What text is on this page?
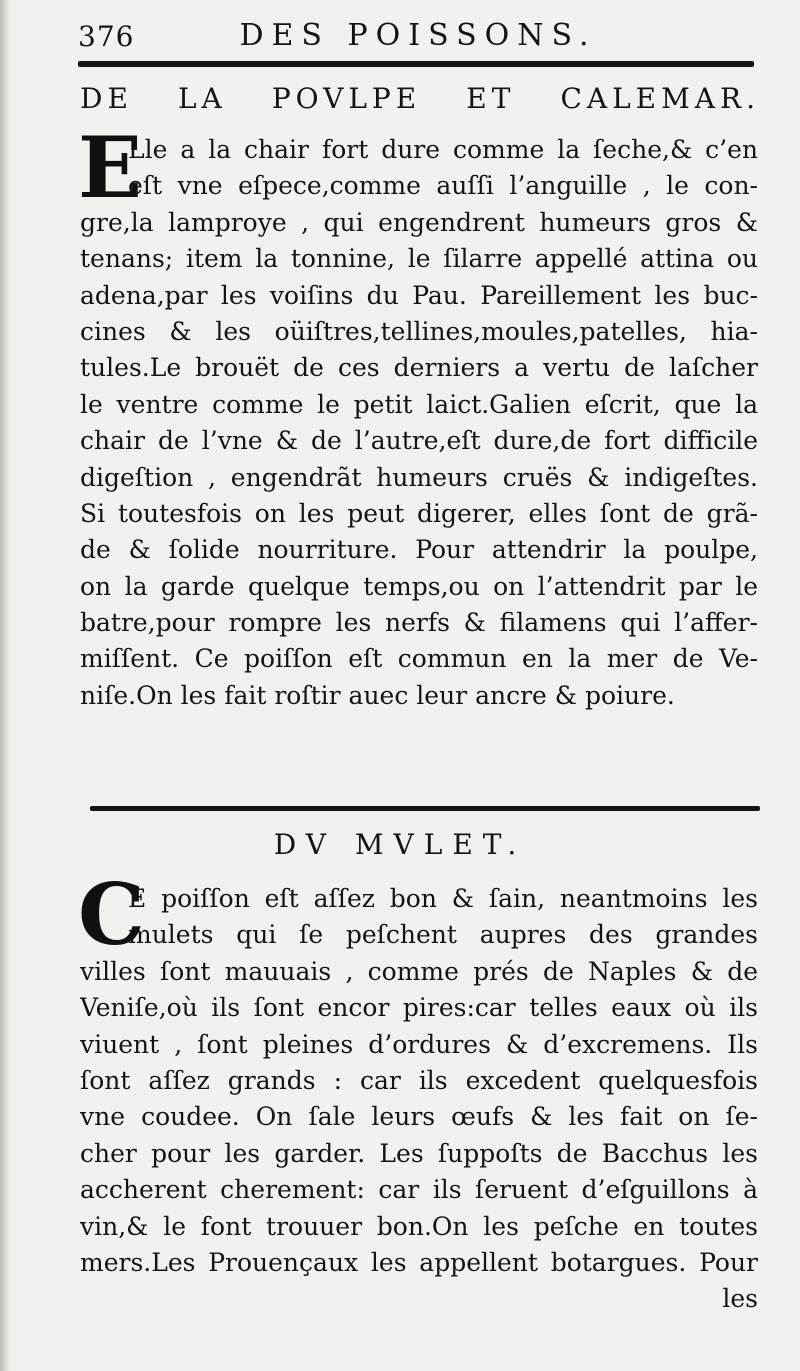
376	DES POISSONS.
DE LA POVLPE ET CALEMAR.
E
Lle a la chair fort dure comme la ſeche,& c’en
eſt vne eſpece,comme auſſi l’anguille , le con-
gre,la lamproye , qui engendrent humeurs gros &
tenans; item la tonnine, le ſilarre appellé attina ou
adena,par les voiſins du Pau. Pareillement les buc-
cines & les oüiſtres,tellines,moules,patelles, hia-
tules.Le brouët de ces derniers a vertu de laſcher
le ventre comme le petit laict.Galien eſcrit, que la
chair de l’vne & de l’autre,eſt dure,de fort difficile
digeſtion , engendrãt humeurs cruës & indigeſtes.
Si toutesfois on les peut digerer, elles ſont de grã-
de & ſolide nourriture. Pour attendrir la poulpe,
on la garde quelque temps,ou on l’attendrit par le
batre,pour rompre les nerfs & filamens qui l’affer-
miſſent. Ce poiſſon eſt commun en la mer de Ve-
niſe.On les fait roſtir auec leur ancre & poiure.
DV MVLET.
C
E poiſſon eſt aſſez bon & ſain, neantmoins les
mulets qui ſe peſchent aupres des grandes
villes ſont mauuais , comme prés de Naples & de
Veniſe,où ils ſont encor pires:car telles eaux où ils
viuent , ſont pleines d’ordures & d’excremens. Ils
ſont aſſez grands : car ils excedent quelquesfois
vne coudee. On ſale leurs œufs & les fait on ſe-
cher pour les garder. Les ſuppoſts de Bacchus les
accherent cherement: car ils ſeruent d’eſguillons à
vin,& le font trouuer bon.On les peſche en toutes
mers.Les Prouençaux les appellent botargues. Pour
les
